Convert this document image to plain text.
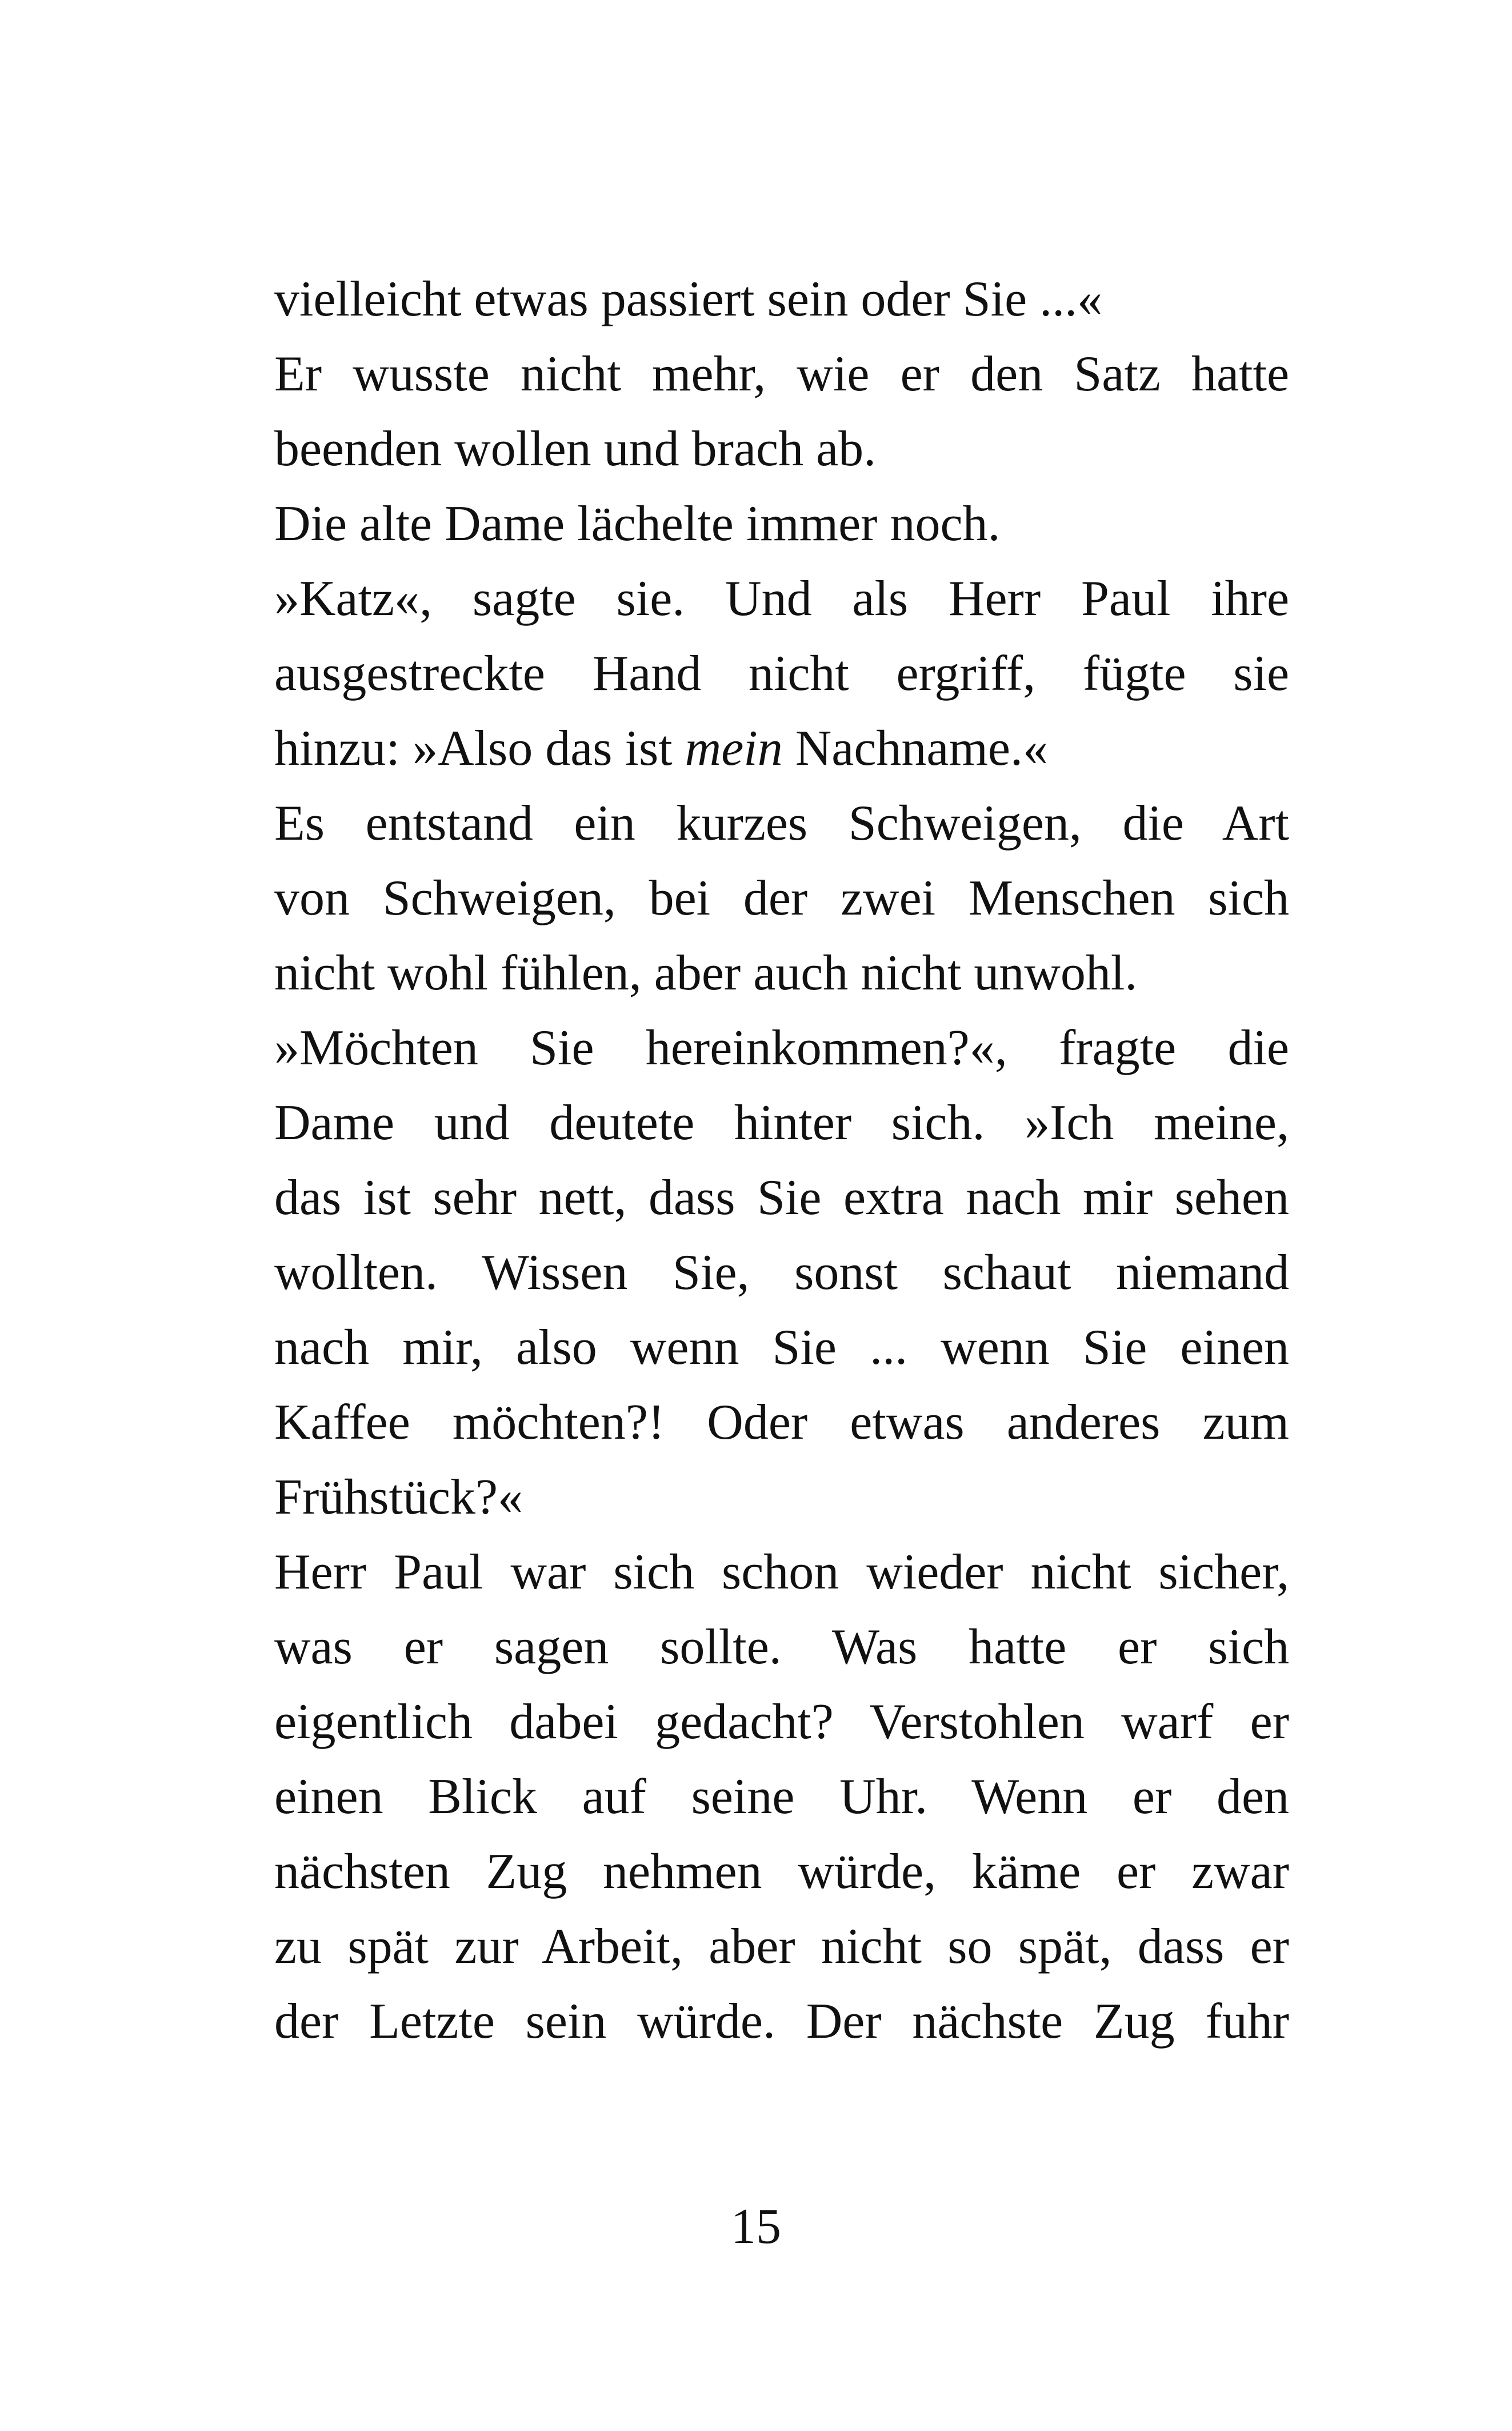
vielleicht etwas passiert sein oder Sie ...«
Er wusste nicht mehr, wie er den Satz hatte
beenden wollen und brach ab.
Die alte Dame lächelte immer noch.
»Katz«, sagte sie. Und als Herr Paul ihre
ausgestreckte Hand nicht ergriff, fügte sie
hinzu: »Also das ist mein Nachname.«
Es entstand ein kurzes Schweigen, die Art
von Schweigen, bei der zwei Menschen sich
nicht wohl fühlen, aber auch nicht unwohl.
»Möchten Sie hereinkommen?«, fragte die
Dame und deutete hinter sich. »Ich meine,
das ist sehr nett, dass Sie extra nach mir sehen
wollten. Wissen Sie, sonst schaut niemand
nach mir, also wenn Sie ... wenn Sie einen
Kaffee möchten?! Oder etwas anderes zum
Frühstück?«
Herr Paul war sich schon wieder nicht sicher,
was er sagen sollte. Was hatte er sich
eigentlich dabei gedacht? Verstohlen warf er
einen Blick auf seine Uhr. Wenn er den
nächsten Zug nehmen würde, käme er zwar
zu spät zur Arbeit, aber nicht so spät, dass er
der Letzte sein würde. Der nächste Zug fuhr
15
